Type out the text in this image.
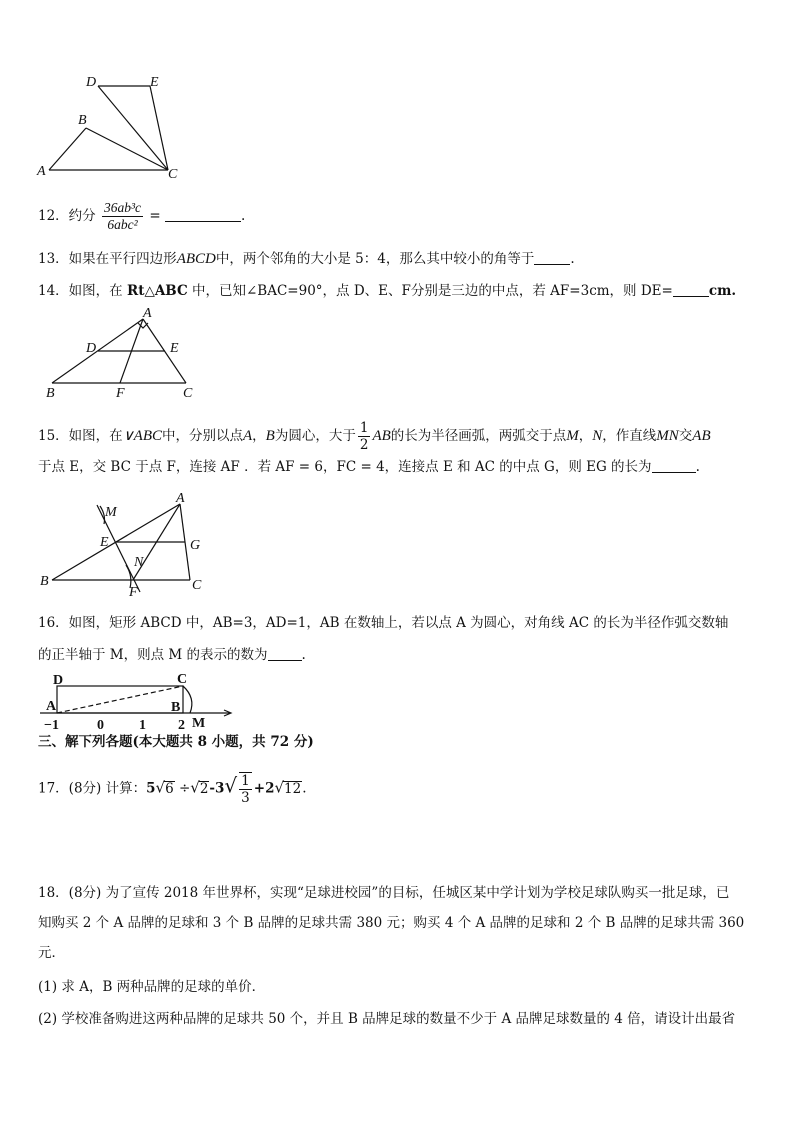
D	E
B
A	C
12．约分 $\frac{\text{36ab³c}}{\text{6abc²}}$ =	.
13．如果在平行四边形ABCD中，两个邻角的大小是 5：4，那么其中较小的角等于	.
14．如图，在 Rt△ABC 中，已知∠BAC=90°，点 D、E、F分别是三边的中点，若 AF=3cm，则 DE=	cm.
A
D	E
B	F	C
15．如图，在∨ABC中，分别以点A，B为圆心，大于 $\frac{1}{2}$ AB的长为半径画弧，两弧交于点M，N，作直线MN交AB
于点 E，交 BC 于点 F，连接 AF ．若 AF = 6，FC = 4，连接点 E 和 AC 的中点 G，则 EG 的长为	.
M
A
E	G
N
B
F	C
16．如图，矩形 ABCD 中，AB=3，AD=1，AB 在数轴上，若以点 A 为圆心，对角线 AC 的长为半径作弧交数轴
的正半轴于 M，则点 M 的表示的数为	.
D	C
A	B
M
−1	0	1 2
三、解下列各题(本大题共 8 小题，共 72 分)
17．(8分) 计算：$5√6 \div√2-3√ \frac{1}{3} +2√12$.
18．(8分) 为了宣传 2018 年世界杯，实现“足球进校园”的目标，任城区某中学计划为学校足球队购买一批足球，已
知购买 2 个 A 品牌的足球和 3 个 B 品牌的足球共需 380 元；购买 4 个 A 品牌的足球和 2 个 B 品牌的足球共需 360
元．
(1) 求 A，B 两种品牌的足球的单价．
(2) 学校准备购进这两种品牌的足球共 50 个，并且 B 品牌足球的数量不少于 A 品牌足球数量的 4 倍，请设计出最省
